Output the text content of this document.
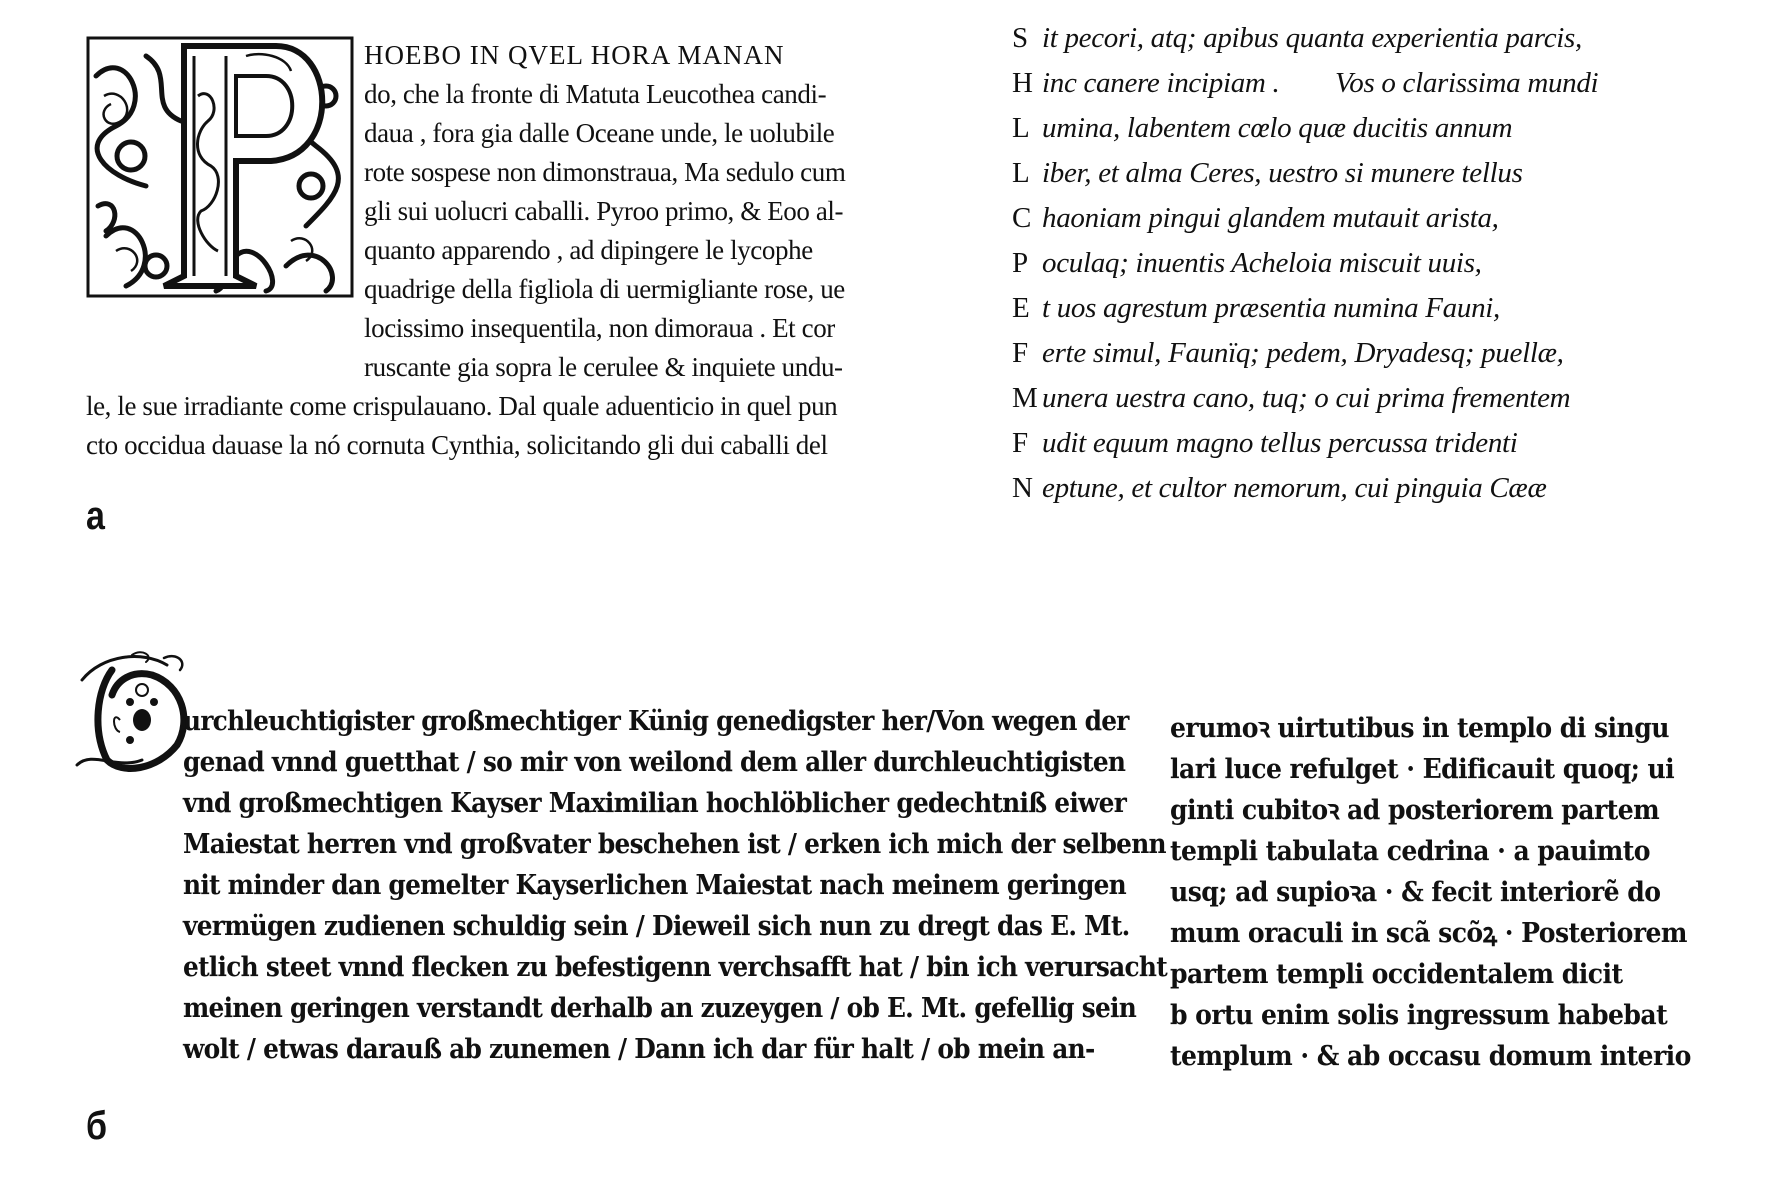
HOEBO IN QVEL HORA MANAN
do, che la fronte di Matuta Leucothea candi-
daua , fora gia dalle Oceane unde, le uolubile
rote sospese non dimonstraua, Ma sedulo cum
gli sui uolucri caballi. Pyroo primo, & Eoo al-
quanto apparendo , ad dipingere le lycophe
quadrige della figliola di uermigliante rose, ue
locissimo insequentila, non dimoraua . Et cor
ruscante gia sopra le cerulee & inquiete undu-
le, le sue irradiante come crispulauano. Dal quale aduenticio in quel pun
cto occidua dauase la nó cornuta Cynthia, solicitando gli dui caballi del
S it pecori, atq; apibus quanta experientia parcis,
H inc canere incipiam .        Vos o clarissima mundi
L umina, labentem cœlo quæ ducitis annum
L iber, et alma Ceres, uestro si munere tellus
C haoniam pingui glandem mutauit arista,
P oculaq; inuentis Acheloia miscuit uuis,
E t uos agrestum præsentia numina Fauni,
F erte simul, Faunïq; pedem, Dryadesq; puellæ,
M unera uestra cano, tuq; o cui prima frementem
F udit equum magno tellus percussa tridenti
N eptune, et cultor nemorum, cui pinguia Cææ
a
urchleuchtigister großmechtiger Künig genedigster her/Von wegen der
genad vnnd guetthat / so mir von weilond dem aller durchleuchtigisten
vnd großmechtigen Kayser Maximilian hochlöblicher gedechtniß eiwer
Maiestat herren vnd großvater beschehen ist / erken ich mich der selbenn
nit minder dan gemelter Kayserlichen Maiestat nach meinem geringen
vermügen zudienen schuldig sein / Dieweil sich nun zu dregt das E. Mt.
etlich steet vnnd flecken zu befestigenn verchsafft hat / bin ich verursacht
meinen geringen verstandt derhalb an zuzeygen / ob E. Mt. gefellig sein
wolt / etwas darauß ab zunemen / Dann ich dar für halt / ob mein an-
erumoꝛ uirtutibus in templo di singu
lari luce refulget · Edificauit quoq; ui
ginti cubitoꝛ ad posteriorem partem
templi tabulata cedrina · a pauimto
usq; ad supioꝛa · & fecit interiorẽ do
mum oraculi in scã scõꝝ · Posteriorem
partem templi occidentalem dicit
b ortu enim solis ingressum habebat
templum · & ab occasu domum interio
б
